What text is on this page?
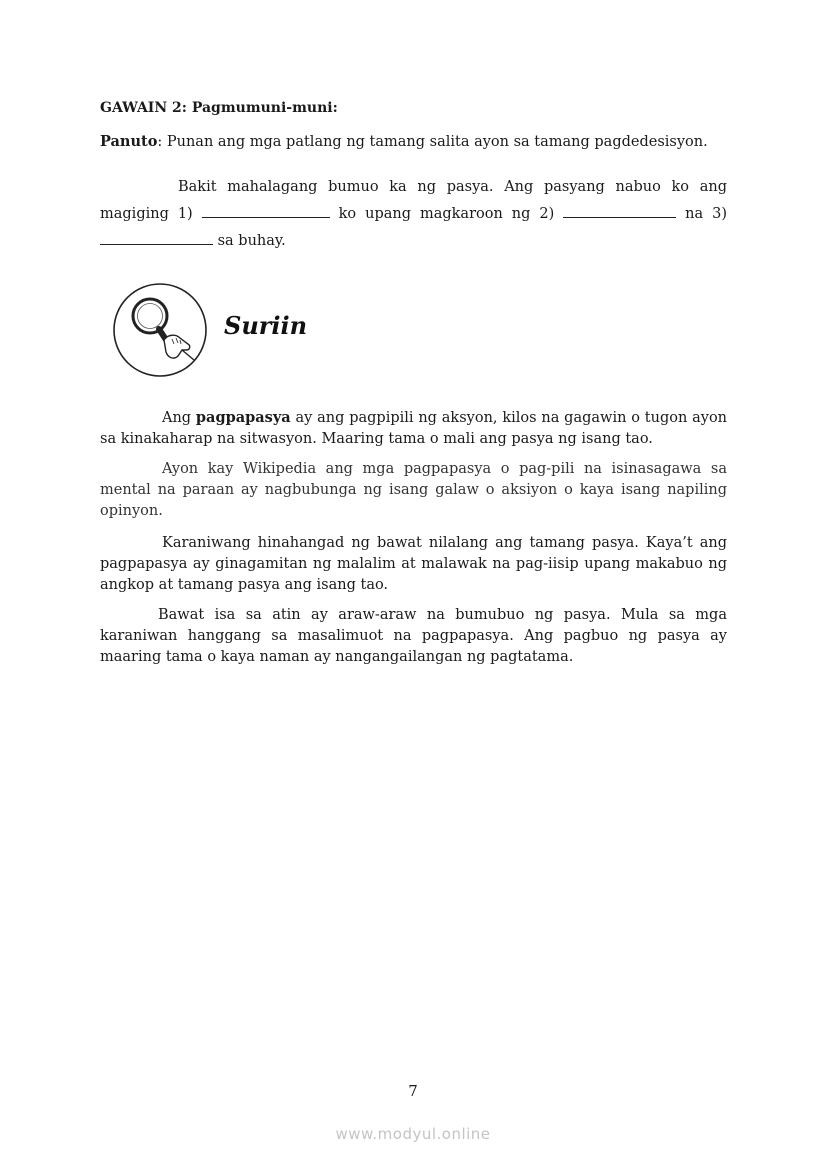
GAWAIN 2: Pagmumuni-muni:
Panuto: Punan ang mga patlang ng tamang salita ayon sa tamang pagdedesisyon.
Bakit mahalagang bumuo ka ng pasya. Ang pasyang nabuo ko ang magiging 1)	ko upang magkaroon ng 2)	na 3)  sa buhay.
Suriin
Ang pagpapasya ay ang pagpipili ng aksyon, kilos na gagawin o tugon ayon sa kinakaharap na sitwasyon. Maaring tama o mali ang pasya ng isang tao.
Ayon kay Wikipedia ang mga pagpapasya o pag-pili na isinasagawa sa mental na paraan ay nagbubunga ng isang galaw o aksiyon o kaya isang napiling opinyon.
Karaniwang hinahangad ng bawat nilalang ang tamang pasya. Kaya’t ang pagpapasya ay ginagamitan ng malalim at malawak na pag-iisip upang makabuo ng angkop at tamang pasya ang isang tao.
Bawat isa sa atin ay araw-araw na bumubuo ng pasya. Mula sa mga karaniwan hanggang sa masalimuot na pagpapasya. Ang pagbuo ng pasya ay maaring tama o kaya naman ay nangangailangan ng pagtatama.
7
www.modyul.online
